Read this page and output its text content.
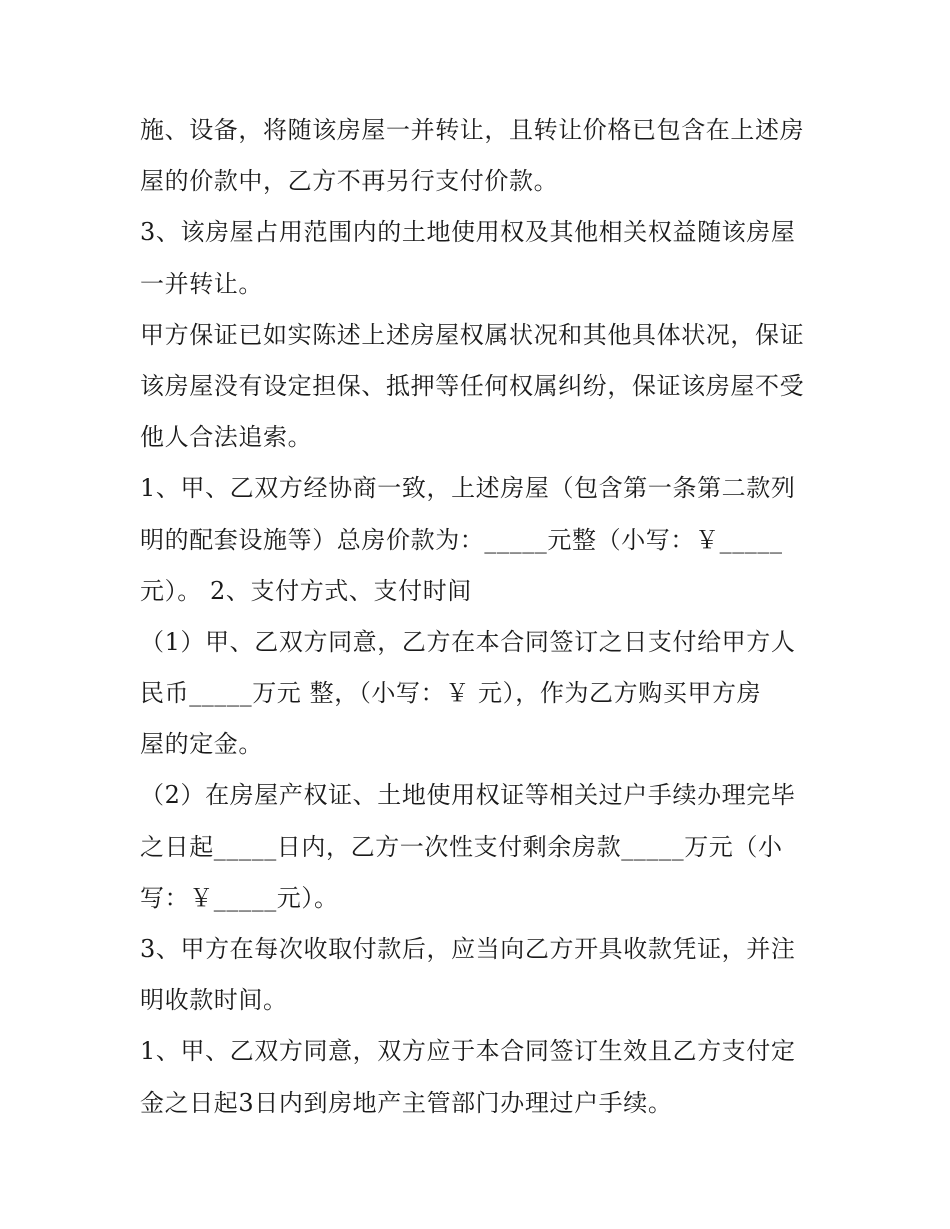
施、设备，将随该房屋一并转让，且转让价格已包含在上述房
屋的价款中，乙方不再另行支付价款。
3、该房屋占用范围内的土地使用权及其他相关权益随该房屋
一并转让。
甲方保证已如实陈述上述房屋权属状况和其他具体状况，保证
该房屋没有设定担保、抵押等任何权属纠纷，保证该房屋不受
他人合法追索。
1、甲、乙双方经协商一致，上述房屋（包含第一条第二款列
明的配套设施等）总房价款为：_____元整（小写：￥_____
元）。 2、支付方式、支付时间
（1）甲、乙双方同意，乙方在本合同签订之日支付给甲方人
民币_____万元 整，（小写：￥ 元），作为乙方购买甲方房
屋的定金。
（2）在房屋产权证、土地使用权证等相关过户手续办理完毕
之日起_____日内，乙方一次性支付剩余房款_____万元（小
写：￥_____元）。
3、甲方在每次收取付款后，应当向乙方开具收款凭证，并注
明收款时间。
1、甲、乙双方同意，双方应于本合同签订生效且乙方支付定
金之日起3日内到房地产主管部门办理过户手续。
